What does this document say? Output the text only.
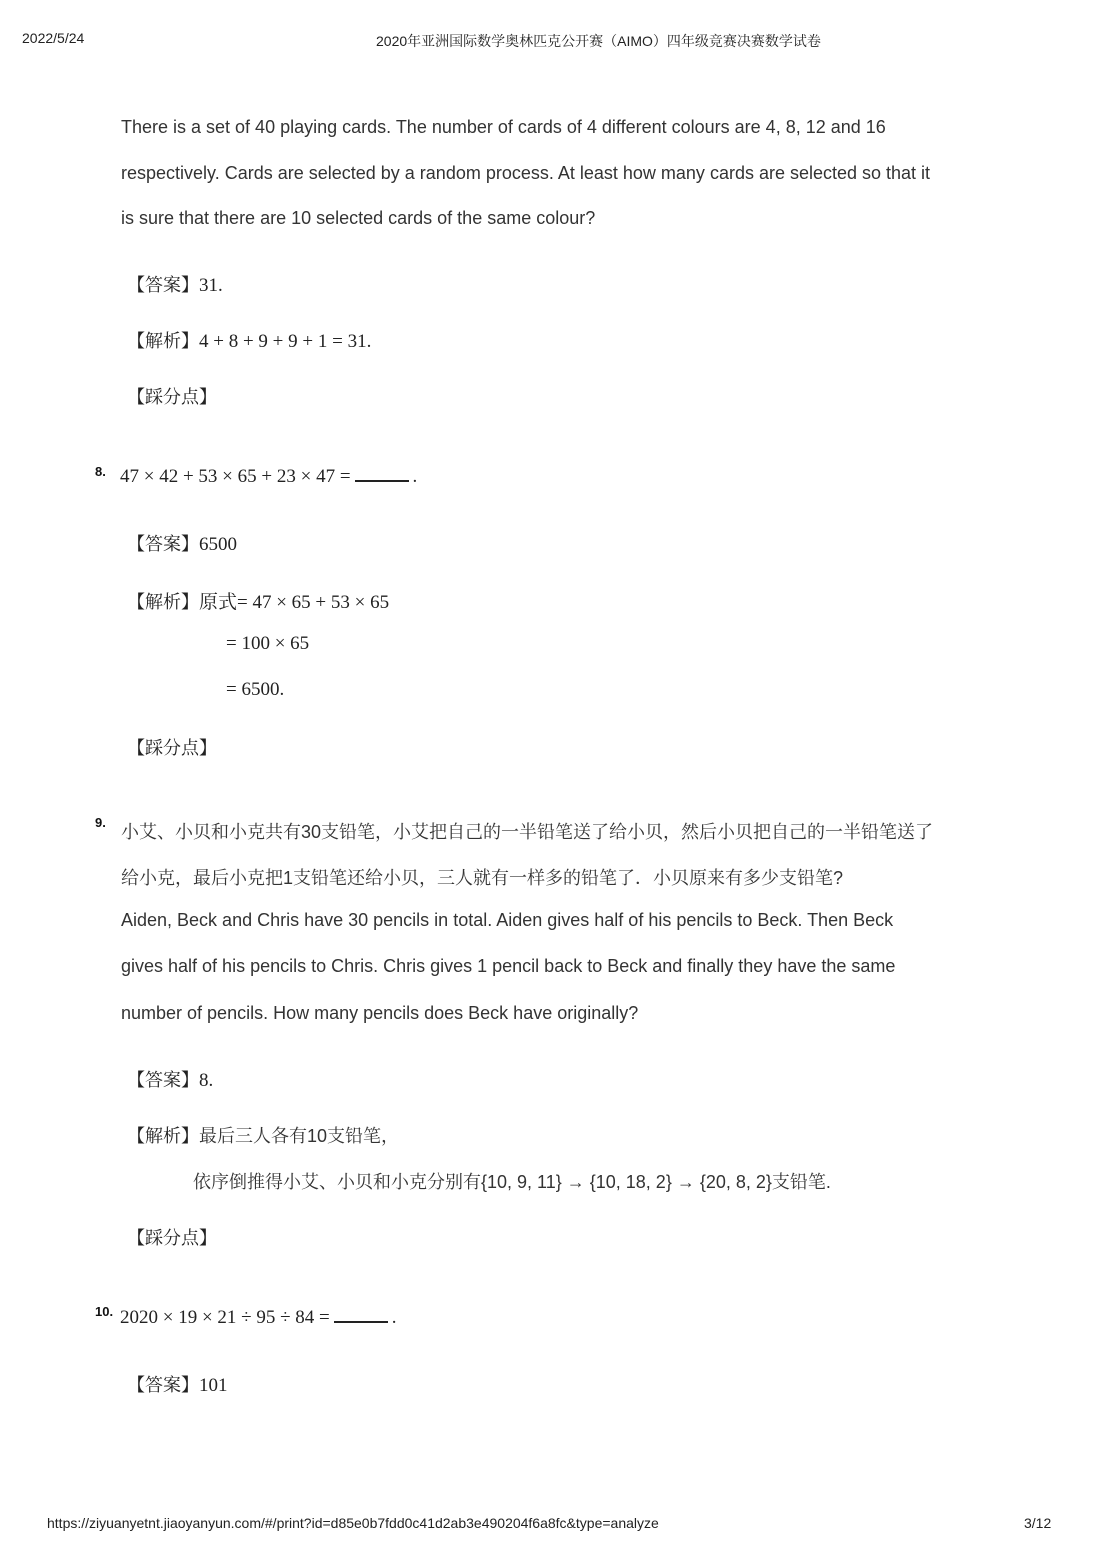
2022/5/24	2020年亚洲国际数学奥林匹克公开赛（AIMO）四年级竞赛决赛数学试卷
There is a set of 40 playing cards. The number of cards of 4 different colours are 4, 8, 12 and 16
respectively. Cards are selected by a random process. At least how many cards are selected so that it
is sure that there are 10 selected cards of the same colour?
【答案】31.
【解析】4 + 8 + 9 + 9 + 1 = 31.
【踩分点】
8. 47 × 42 + 53 × 65 + 23 × 47 =	.
【答案】6500
【解析】原式= 47 × 65 + 53 × 65
= 100 × 65
= 6500.
【踩分点】
9. 小艾、小贝和小克共有30支铅笔，小艾把自己的一半铅笔送了给小贝，然后小贝把自己的一半铅笔送了
给小克，最后小克把1支铅笔还给小贝，三人就有一样多的铅笔了．小贝原来有多少支铅笔?
Aiden, Beck and Chris have 30 pencils in total. Aiden gives half of his pencils to Beck. Then Beck
gives half of his pencils to Chris. Chris gives 1 pencil back to Beck and finally they have the same
number of pencils. How many pencils does Beck have originally?
【答案】8.
【解析】最后三人各有10支铅笔，
依序倒推得小艾、小贝和小克分别有{10, 9, 11} → {10, 18, 2} → {20, 8, 2}支铅笔.
【踩分点】
10. 2020 × 19 × 21 ÷ 95 ÷ 84 =	.
【答案】101
https://ziyuanyetnt.jiaoyanyun.com/#/print?id=d85e0b7fdd0c41d2ab3e490204f6a8fc&type=analyze	3/12
